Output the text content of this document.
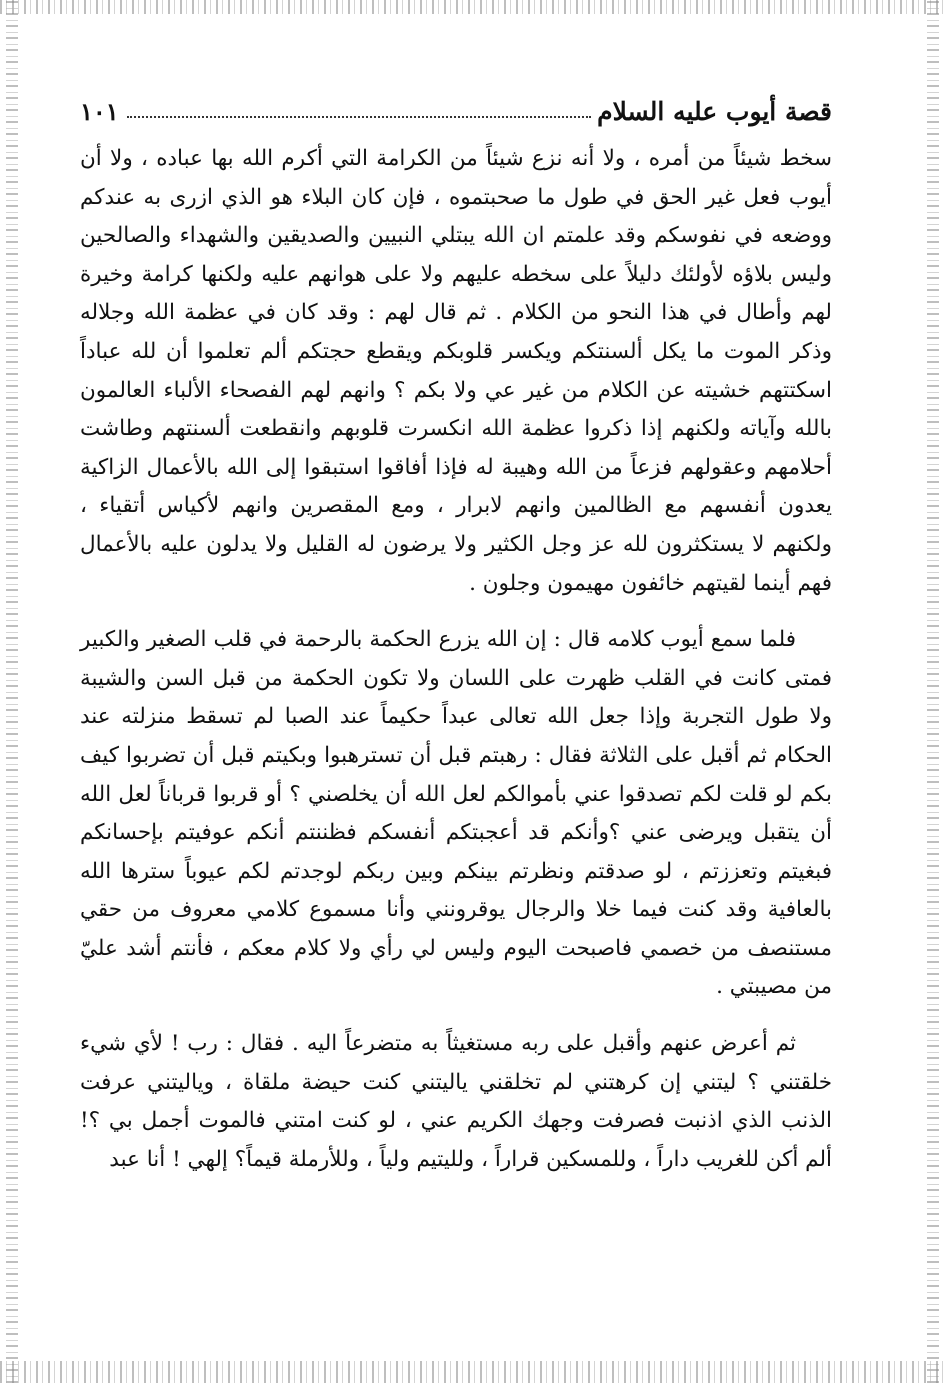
قصة أيوب عليه السلام
١٠١

سخط شيئاً من أمره ، ولا أنه نزع شيئاً من الكرامة التي أكرم الله بها عباده ، ولا أن أيوب فعل غير الحق في طول ما صحبتموه ، فإن كان البلاء هو الذي ازرى به عندكم ووضعه في نفوسكم وقد علمتم ان الله يبتلي النبيين والصديقين والشهداء والصالحين وليس بلاؤه لأولئك دليلاً على سخطه عليهم ولا على هوانهم عليه ولكنها كرامة وخيرة لهم وأطال في هذا النحو من الكلام . ثم قال لهم : وقد كان في عظمة الله وجلاله وذكر الموت ما يكل ألسنتكم ويكسر قلوبكم ويقطع حجتكم ألم تعلموا أن لله عباداً اسكتتهم خشيته عن الكلام من غير عي ولا بكم ؟ وانهم لهم الفصحاء الألباء العالمون بالله وآياته ولكنهم إذا ذكروا عظمة الله انكسرت قلوبهم وانقطعت ألسنتهم وطاشت أحلامهم وعقولهم فزعاً من الله وهيبة له فإذا أفاقوا استبقوا إلى الله بالأعمال الزاكية يعدون أنفسهم مع الظالمين وانهم لابرار ، ومع المقصرين وانهم لأكياس أتقياء ، ولكنهم لا يستكثرون لله عز وجل الكثير ولا يرضون له القليل ولا يدلون عليه بالأعمال فهم أينما لقيتهم خائفون مهيمون وجلون .

فلما سمع أيوب كلامه قال : إن الله يزرع الحكمة بالرحمة في قلب الصغير والكبير فمتى كانت في القلب ظهرت على اللسان ولا تكون الحكمة من قبل السن والشيبة ولا طول التجربة وإذا جعل الله تعالى عبداً حكيماً عند الصبا لم تسقط منزلته عند الحكام ثم أقبل على الثلاثة فقال : رهبتم قبل أن تسترهبوا وبكيتم قبل أن تضربوا كيف بكم لو قلت لكم تصدقوا عني بأموالكم لعل الله أن يخلصني ؟ أو قربوا قرباناً لعل الله أن يتقبل ويرضى عني ؟وأنكم قد أعجبتكم أنفسكم فظننتم أنكم عوفيتم بإحسانكم فبغيتم وتعززتم ، لو صدقتم ونظرتم بينكم وبين ربكم لوجدتم لكم عيوباً سترها الله بالعافية وقد كنت فيما خلا والرجال يوقرونني وأنا مسموع كلامي معروف من حقي مستنصف من خصمي فاصبحت اليوم وليس لي رأي ولا كلام معكم ، فأنتم أشد عليّ من مصيبتي .

ثم أعرض عنهم وأقبل على ربه مستغيثاً به متضرعاً اليه . فقال : رب ! لأي شيء خلقتني ؟ ليتني إن كرهتني لم تخلقني ياليتني كنت حيضة ملقاة ، وياليتني عرفت الذنب الذي اذنبت فصرفت وجهك الكريم عني ، لو كنت امتني فالموت أجمل بي ؟! ألم أكن للغريب داراً ، وللمسكين قراراً ، ولليتيم ولياً ، وللأرملة قيماً؟ إلهي ! أنا عبد
